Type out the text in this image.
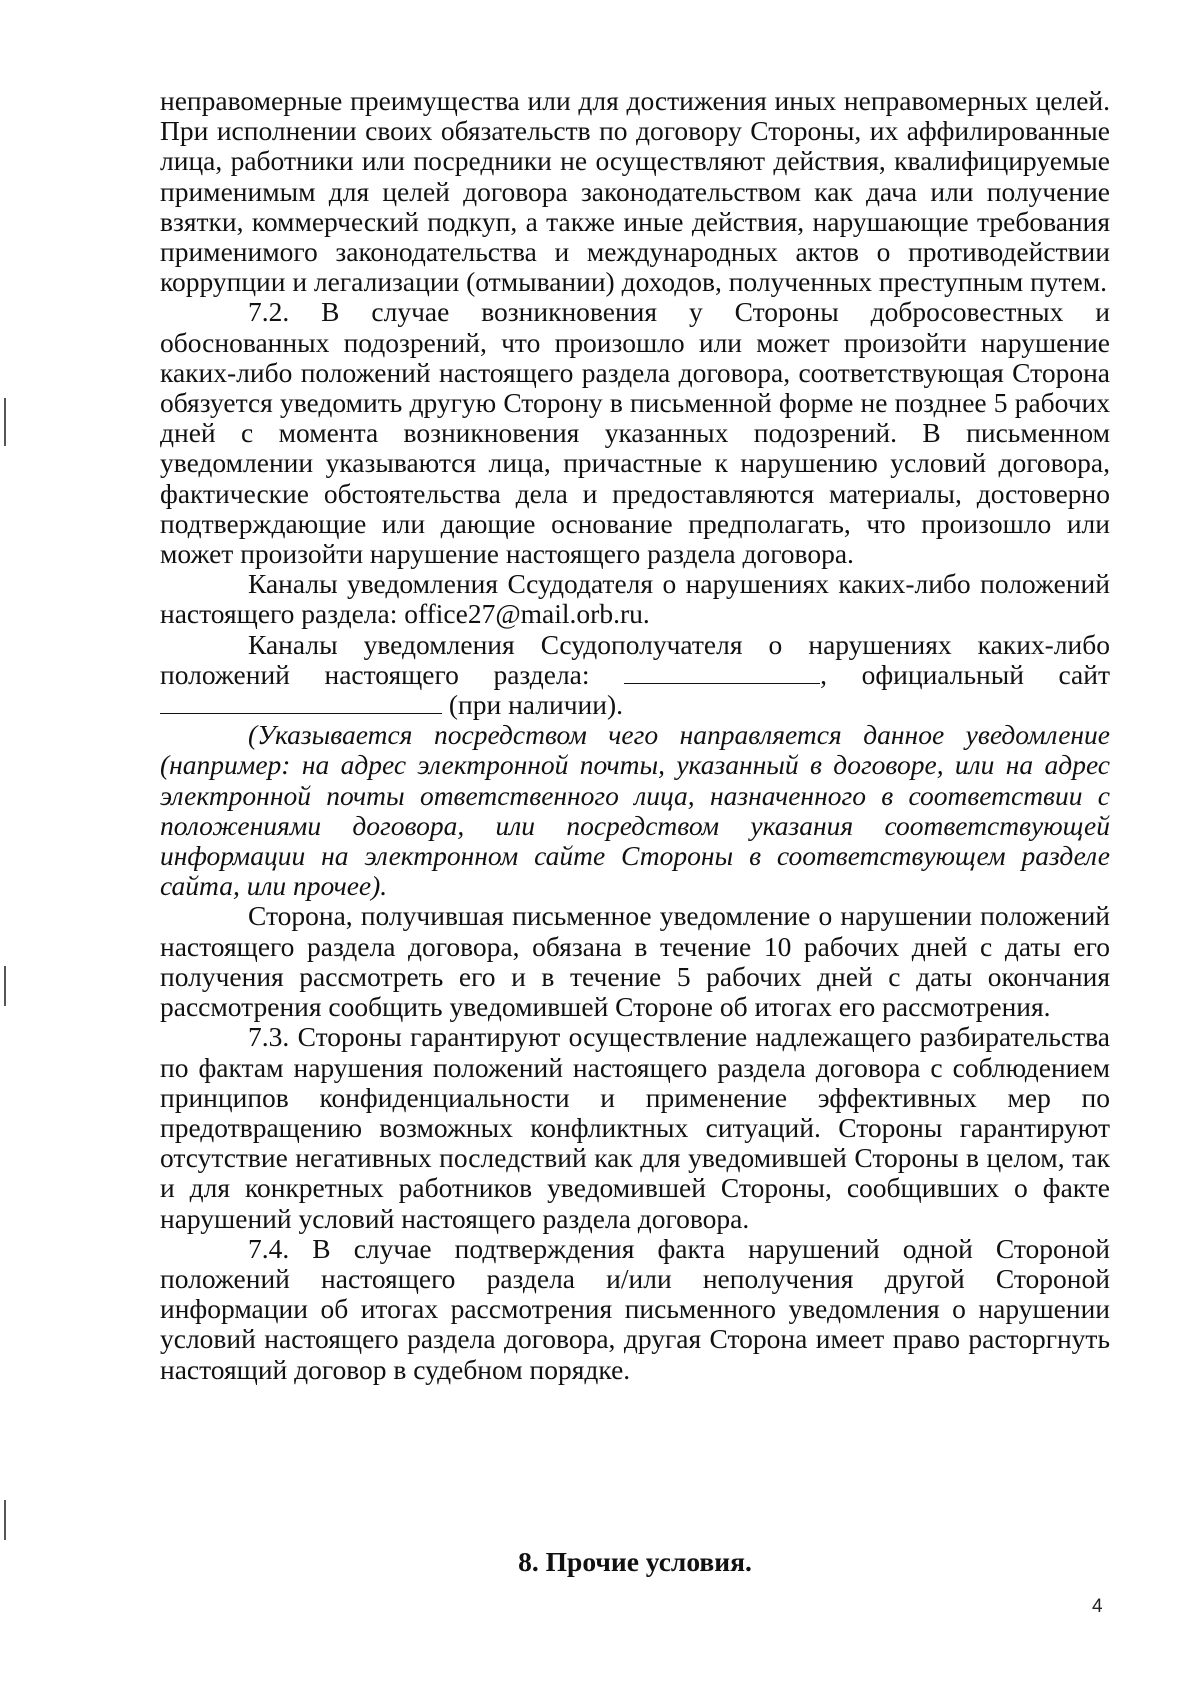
неправомерные преимущества или для достижения иных неправомерных целей. При исполнении своих обязательств по договору Стороны, их аффилированные лица, работники или посредники не осуществляют действия, квалифицируемые применимым для целей договора законодательством как дача или получение взятки, коммерческий подкуп, а также иные действия, нарушающие требования применимого законодательства и международных актов о противодействии коррупции и легализации (отмывании) доходов, полученных преступным путем.

7.2. В случае возникновения у Стороны добросовестных и обоснованных подозрений, что произошло или может произойти нарушение каких-либо положений настоящего раздела договора, соответствующая Сторона обязуется уведомить другую Сторону в письменной форме не позднее 5 рабочих дней с момента возникновения указанных подозрений. В письменном уведомлении указываются лица, причастные к нарушению условий договора, фактические обстоятельства дела и предоставляются материалы, достоверно подтверждающие или дающие основание предполагать, что произошло или может произойти нарушение настоящего раздела договора.

Каналы уведомления Ссудодателя о нарушениях каких-либо положений настоящего раздела: office27@mail.orb.ru.

Каналы уведомления Ссудополучателя о нарушениях каких-либо положений настоящего раздела:	, официальный сайт  (при наличии).

(Указывается посредством чего направляется данное уведомление (например: на адрес электронной почты, указанный в договоре, или на адрес электронной почты ответственного лица, назначенного в соответствии с положениями договора, или посредством указания соответствующей информации на электронном сайте Стороны в соответствующем разделе сайта, или прочее).

Сторона, получившая письменное уведомление о нарушении положений настоящего раздела договора, обязана в течение 10 рабочих дней с даты его получения рассмотреть его и в течение 5 рабочих дней с даты окончания рассмотрения сообщить уведомившей Стороне об итогах его рассмотрения.

7.3. Стороны гарантируют осуществление надлежащего разбирательства по фактам нарушения положений настоящего раздела договора с соблюдением принципов конфиденциальности и применение эффективных мер по предотвращению возможных конфликтных ситуаций. Стороны гарантируют отсутствие негативных последствий как для уведомившей Стороны в целом, так и для конкретных работников уведомившей Стороны, сообщивших о факте нарушений условий настоящего раздела договора.

7.4. В случае подтверждения факта нарушений одной Стороной положений настоящего раздела и/или неполучения другой Стороной информации об итогах рассмотрения письменного уведомления о нарушении условий настоящего раздела договора, другая Сторона имеет право расторгнуть настоящий договор в судебном порядке.

8. Прочие условия.
4
